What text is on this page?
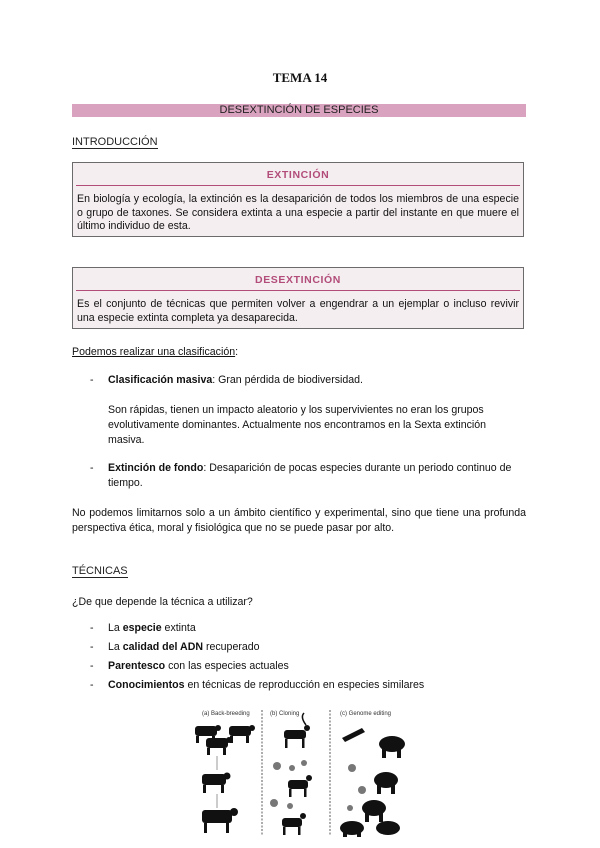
TEMA 14
DESEXTINCIÓN DE ESPECIES
INTRODUCCIÓN
EXTINCIÓN
En biología y ecología, la extinción es la desaparición de todos los miembros de una especie o grupo de taxones. Se considera extinta a una especie a partir del instante en que muere el último individuo de esta.
DESEXTINCIÓN
Es el conjunto de técnicas que permiten volver a engendrar a un ejemplar o incluso revivir una especie extinta completa ya desaparecida.
Podemos realizar una clasificación:
- Clasificación masiva: Gran pérdida de biodiversidad.
Son rápidas, tienen un impacto aleatorio y los supervivientes no eran los grupos evolutivamente dominantes. Actualmente nos encontramos en la Sexta extinción masiva.
- Extinción de fondo: Desaparición de pocas especies durante un periodo continuo de tiempo.
No podemos limitarnos solo a un ámbito científico y experimental, sino que tiene una profunda perspectiva ética, moral y fisiológica que no se puede pasar por alto.
TÉCNICAS
¿De que depende la técnica a utilizar?
- La especie extinta
- La calidad del ADN recuperado
- Parentesco con las especies actuales
- Conocimientos en técnicas de reproducción en especies similares
(a) Back-breeding	(b) Cloning	(c) Genome editing
